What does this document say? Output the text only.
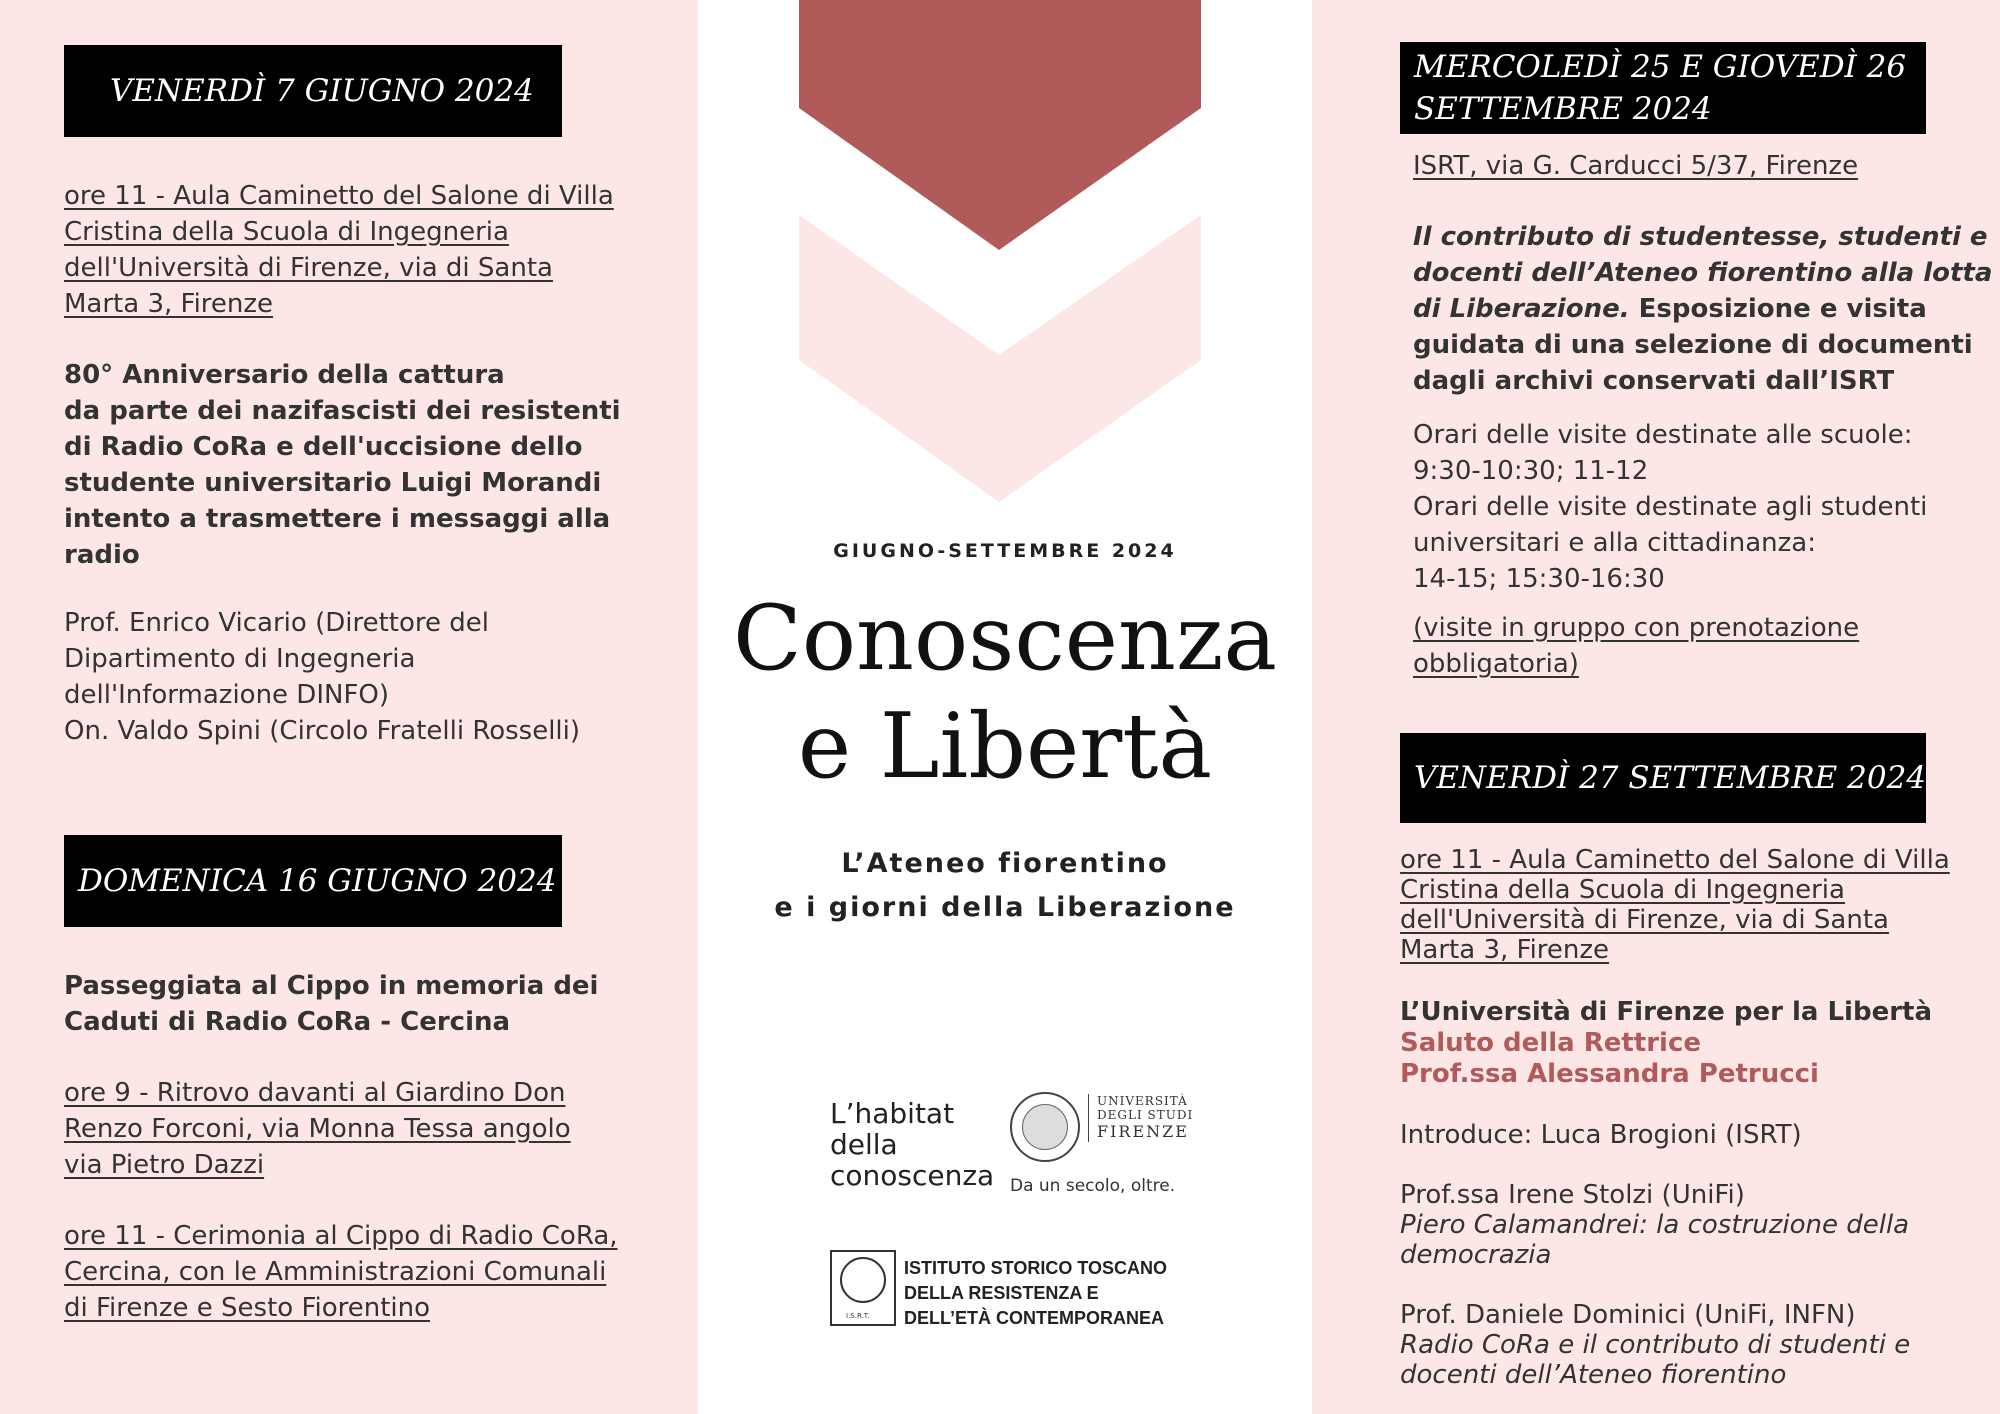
VENERDÌ 7 GIUGNO 2024
ore 11 - Aula Caminetto del Salone di Villa
Cristina della Scuola di Ingegneria
dell'Università di Firenze, via di Santa
Marta 3, Firenze
80° Anniversario della cattura
da parte dei nazifascisti dei resistenti
di Radio CoRa e dell'uccisione dello
studente universitario Luigi Morandi
intento a trasmettere i messaggi alla
radio
Prof. Enrico Vicario (Direttore del
Dipartimento di Ingegneria
dell'Informazione DINFO)
On. Valdo Spini (Circolo Fratelli Rosselli)
DOMENICA 16 GIUGNO 2024
Passeggiata al Cippo in memoria dei
Caduti di Radio CoRa - Cercina
ore 9 - Ritrovo davanti al Giardino Don
Renzo Forconi, via Monna Tessa angolo
via Pietro Dazzi
ore 11 - Cerimonia al Cippo di Radio CoRa,
Cercina, con le Amministrazioni Comunali
di Firenze e Sesto Fiorentino
GIUGNO-SETTEMBRE 2024
Conoscenza
e Libertà
L’Ateneo fiorentino
e i giorni della Liberazione
L’habitat
della
conoscenza
UNIVERSITÀ
DEGLI STUDI
FIRENZE
Da un secolo, oltre.
I.S.R.T.
ISTITUTO STORICO TOSCANO
DELLA RESISTENZA E
DELL’ETÀ CONTEMPORANEA
MERCOLEDÌ 25 E GIOVEDÌ 26
SETTEMBRE 2024
ISRT, via G. Carducci 5/37, Firenze
Il contributo di studentesse, studenti e
docenti dell’Ateneo fiorentino alla lotta
di Liberazione. Esposizione e visita
guidata di una selezione di documenti
dagli archivi conservati dall’ISRT
Orari delle visite destinate alle scuole:
9:30-10:30; 11-12
Orari delle visite destinate agli studenti
universitari e alla cittadinanza:
14-15; 15:30-16:30
(visite in gruppo con prenotazione
obbligatoria)
VENERDÌ 27 SETTEMBRE 2024
ore 11 - Aula Caminetto del Salone di Villa
Cristina della Scuola di Ingegneria
dell'Università di Firenze, via di Santa
Marta 3, Firenze
L’Università di Firenze per la Libertà
Saluto della Rettrice
Prof.ssa Alessandra Petrucci
Introduce: Luca Brogioni (ISRT)
Prof.ssa Irene Stolzi (UniFi)
Piero Calamandrei: la costruzione della
democrazia
Prof. Daniele Dominici (UniFi, INFN)
Radio CoRa e il contributo di studenti e
docenti dell’Ateneo fiorentino
